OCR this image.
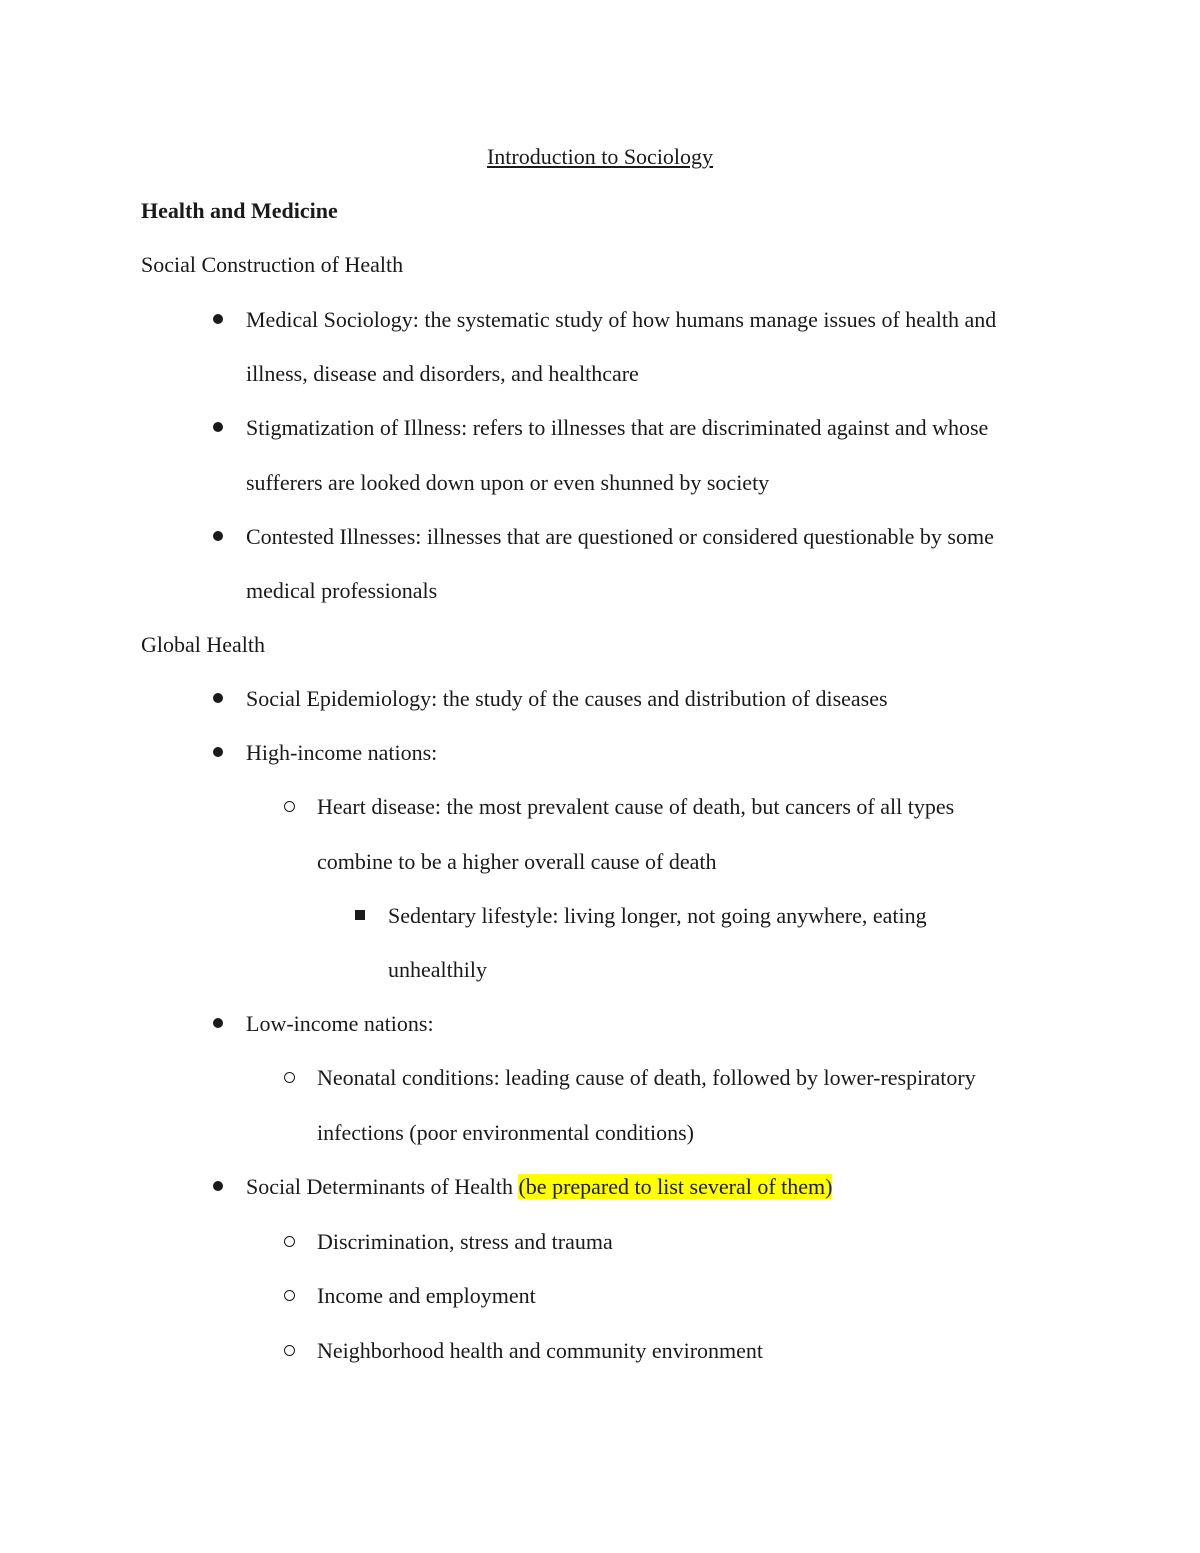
Introduction to Sociology
Health and Medicine
Social Construction of Health
Medical Sociology: the systematic study of how humans manage issues of health and
illness, disease and disorders, and healthcare
Stigmatization of Illness: refers to illnesses that are discriminated against and whose
sufferers are looked down upon or even shunned by society
Contested Illnesses: illnesses that are questioned or considered questionable by some
medical professionals
Global Health
Social Epidemiology: the study of the causes and distribution of diseases
High-income nations:
Heart disease: the most prevalent cause of death, but cancers of all types
combine to be a higher overall cause of death
Sedentary lifestyle: living longer, not going anywhere, eating
unhealthily
Low-income nations:
Neonatal conditions: leading cause of death, followed by lower-respiratory
infections (poor environmental conditions)
Social Determinants of Health (be prepared to list several of them)
Discrimination, stress and trauma
Income and employment
Neighborhood health and community environment
